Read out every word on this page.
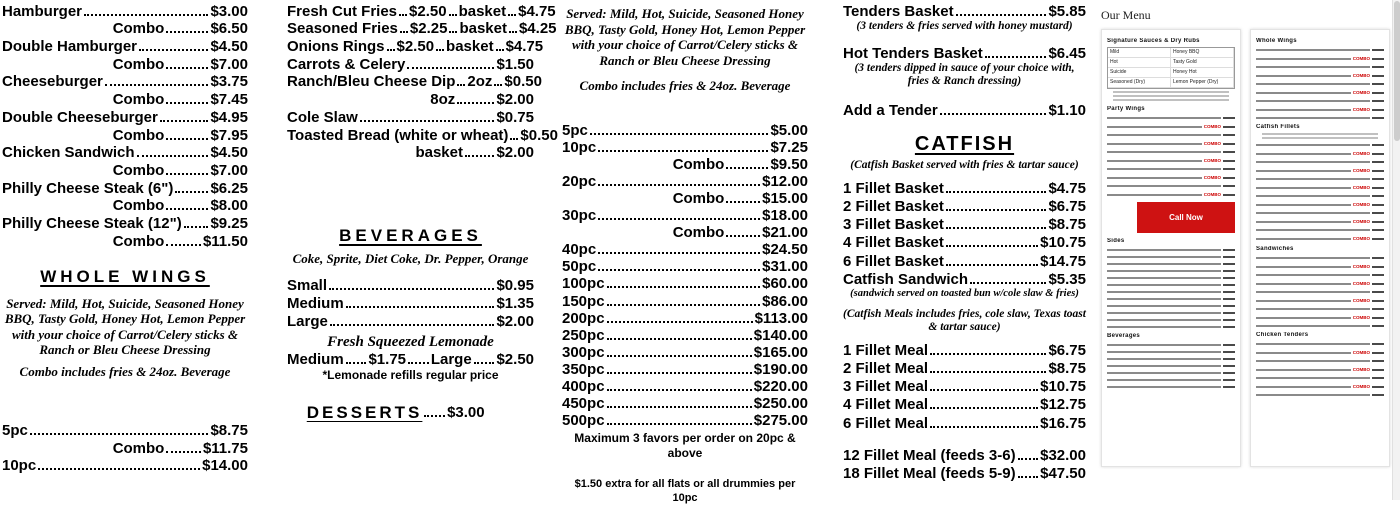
Hamburger	$3.00
Combo	$6.50
Double Hamburger	$4.50
Combo	$7.00
Cheeseburger	$3.75
Combo	$7.45
Double Cheeseburger	$4.95
Combo	$7.95
Chicken Sandwich	$4.50
Combo	$7.00
Philly Cheese Steak (6") $6.25
Combo	$8.00
Philly Cheese Steak (12") $9.25
Combo	$11.50
WHOLE WINGS
Served: Mild, Hot, Suicide, Seasoned Honey BBQ, Tasty Gold, Honey Hot, Lemon Pepper with your choice of Carrot/Celery sticks & Ranch or Bleu Cheese Dressing
Combo includes fries & 24oz. Beverage
5pc	$8.75
Combo	$11.75
10pc	$14.00
Fresh Cut Fries $2.50 basket $4.75
Seasoned Fries $2.25 basket $4.25
Onions Rings $2.50 basket $4.75
Carrots & Celery	$1.50
Ranch/Bleu Cheese Dip 2oz $0.50
8oz	$2.00
Cole Slaw	$0.75
Toasted Bread (white or wheat) $0.50
basket $2.00
BEVERAGES
Coke, Sprite, Diet Coke, Dr. Pepper, Orange
Small	$0.95
Medium	$1.35
Large	$2.00
Fresh Squeezed Lemonade
Medium $1.75 Large $2.50
*Lemonade refills regular price
DESSERTS $3.00
Served: Mild, Hot, Suicide, Seasoned Honey BBQ, Tasty Gold, Honey Hot, Lemon Pepper with your choice of Carrot/Celery sticks & Ranch or Bleu Cheese Dressing
Combo includes fries & 24oz. Beverage
5pc	$5.00
10pc	$7.25
Combo	$9.50
20pc	$12.00
Combo	$15.00
30pc	$18.00
Combo	$21.00
40pc	$24.50
50pc	$31.00
100pc	$60.00
150pc	$86.00
200pc	$113.00
250pc	$140.00
300pc	$165.00
350pc	$190.00
400pc	$220.00
450pc	$250.00
500pc	$275.00
Maximum 3 favors per order on 20pc & above
$1.50 extra for all flats or all drummies per 10pc
Tenders Basket	$5.85
(3 tenders & fries served with honey mustard)
Hot Tenders Basket	$6.45
(3 tenders dipped in sauce of your choice with, fries & Ranch dressing)
Add a Tender	$1.10
CATFISH
(Catfish Basket served with fries & tartar sauce)
1 Fillet Basket	$4.75
2 Fillet Basket	$6.75
3 Fillet Basket	$8.75
4 Fillet Basket	$10.75
6 Fillet Basket	$14.75
Catfish Sandwich	$5.35
(sandwich served on toasted bun w/cole slaw & fries)
(Catfish Meals includes fries, cole slaw, Texas toast & tartar sauce)
1 Fillet Meal	$6.75
2 Fillet Meal	$8.75
3 Fillet Meal	$10.75
4 Fillet Meal	$12.75
6 Fillet Meal	$16.75
12 Fillet Meal (feeds 3-6) $32.00
18 Fillet Meal (feeds 5-9) $47.50
Our Menu
Signature Sauces & Dry Rubs
Mild	Honey BBQ
Hot	Tasty Gold
Suicide	Honey Hot
Seasoned (Dry)	Lemon Pepper (Dry)
Party Wings
COMBO
COMBO
COMBO
COMBO
COMBO
Call Now
Sides
Beverages
Whole Wings
COMBO
COMBO
COMBO
COMBO
Catfish Fillets
COMBO
COMBO
COMBO
COMBO
COMBO
COMBO
Sandwiches
COMBO
COMBO
COMBO
COMBO
Chicken Tenders
COMBO
COMBO
COMBO
